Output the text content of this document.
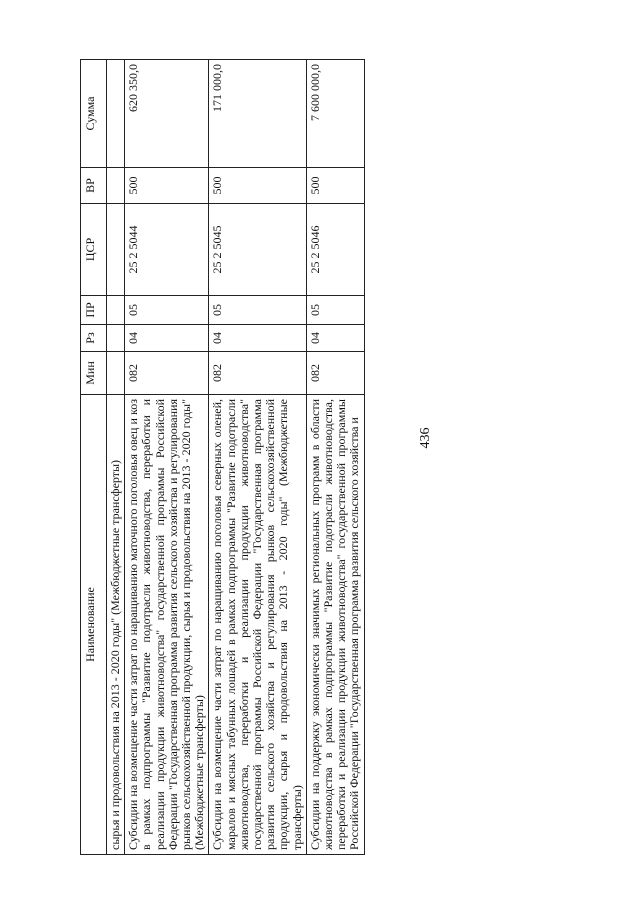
436
Наименование	Мин	Рз	ПР	ЦСР	ВР	Сумма
сырья и продовольствия на 2013 - 2020 годы" (Межбюджетные трансферты)						
Субсидии на возмещение части затрат по наращиванию маточного поголовья овец и коз в рамках подпрограммы "Развитие подотрасли животноводства, переработки и реализации продукции животноводства" государственной программы Российской Федерации "Государственная программа развития сельского хозяйства и регулирования рынков сельскохозяйственной продукции, сырья и продовольствия на 2013 - 2020 годы" (Межбюджетные трансферты)	082	04	05	25 2 5044	500	620 350,0
Субсидии на возмещение части затрат по наращиванию поголовья северных оленей, маралов и мясных табунных лошадей в рамках подпрограммы "Развитие подотрасли животноводства, переработки и реализации продукции животноводства" государственной программы Российской Федерации "Государственная программа развития сельского хозяйства и регулирования рынков сельскохозяйственной продукции, сырья и продовольствия на 2013 - 2020 годы" (Межбюджетные трансферты)	082	04	05	25 2 5045	500	171 000,0
Субсидии на поддержку экономически значимых региональных программ в области животноводства в рамках подпрограммы "Развитие подотрасли животноводства, переработки и реализации продукции животноводства" государственной программы Российской Федерации "Государственная программа развития сельского хозяйства и	082	04	05	25 2 5046	500	7 600 000,0
